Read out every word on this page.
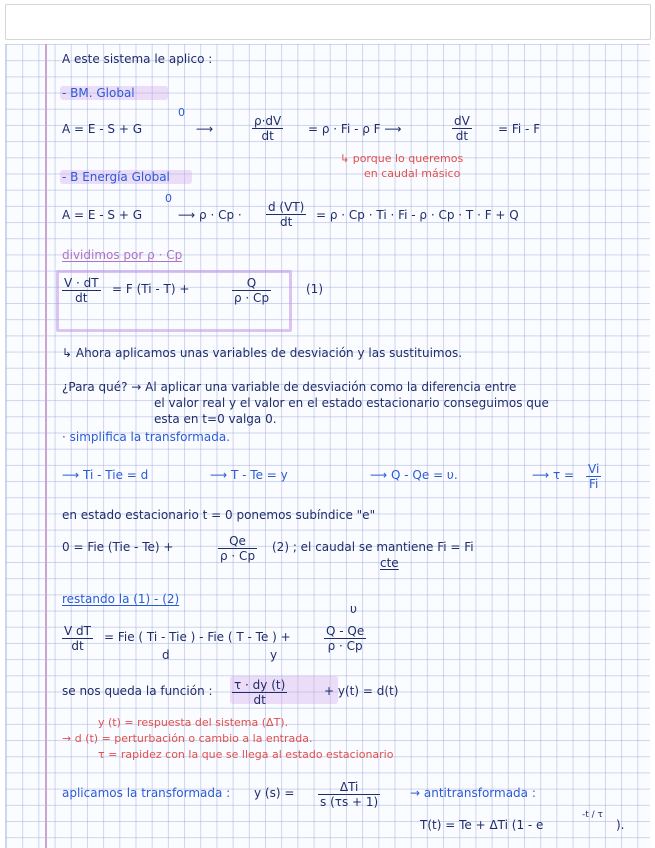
A este sistema le aplico :
- BM. Global
A = E - S + G
0
⟶	$\frac{\rho\cdot dV}{dt} = \rho \cdot Fi - \rho$ F ⟶	$\frac{dV}{dt} = Fi - F$
↳ porque lo queremos
en caudal másico
- B Energía Global
A = E - S + G
0
⟶ $\rho \cdot Cp \cdot \frac{d (VT)}{dt} = \rho \cdot Cp \cdot Ti \cdot Fi - \rho \cdot Cp \cdot T \cdot F + Q$
dividimos por ρ · Cp
$\frac{V \cdot dT}{dt} = F$ (Ti - T) +	$\frac{Q}{\rho \cdot Cp}$	(1)
↳ Ahora aplicamos unas variables de desviación y las sustituimos.
¿Para qué? → Al aplicar una variable de desviación como la diferencia entre
el valor real y el valor en el estado estacionario conseguimos que
esta en t=0 valga 0.
· simplifica la transformada.
⟶ Ti - Tie = d	⟶ T - Te = y	⟶ Q - Qe = υ.	⟶ $\tau = \frac{Vi}{Fi}$
en estado estacionario t = 0 ponemos subíndice "e"
0 = Fie (Tie - Te) +	$\frac{Qe}{\rho \cdot Cp} (2)$ ; el caudal se mantiene Fi = Fi
cte
restando la (1) - (2)
υ
$\frac{\text{V dT}}{dt}$ = Fie ( Ti - Tie ) - Fie ( T - Te ) +	$\frac{Q - Qe}{\rho \cdot Cp}$
d	y
se nos queda la función : $\frac{\tau \cdot dy (t)}{dt}$	+ y(t) = d(t)
y (t) = respuesta del sistema (ΔT).
→ d (t) = perturbación o cambio a la entrada.
τ = rapidez con la que se llega al estado estacionario
aplicamos la transformada : y (s) =	ΔTi
s (τs + 1)
→ antitransformada :
T(t) = Te + ΔTi (1 - e
-t / τ
).
